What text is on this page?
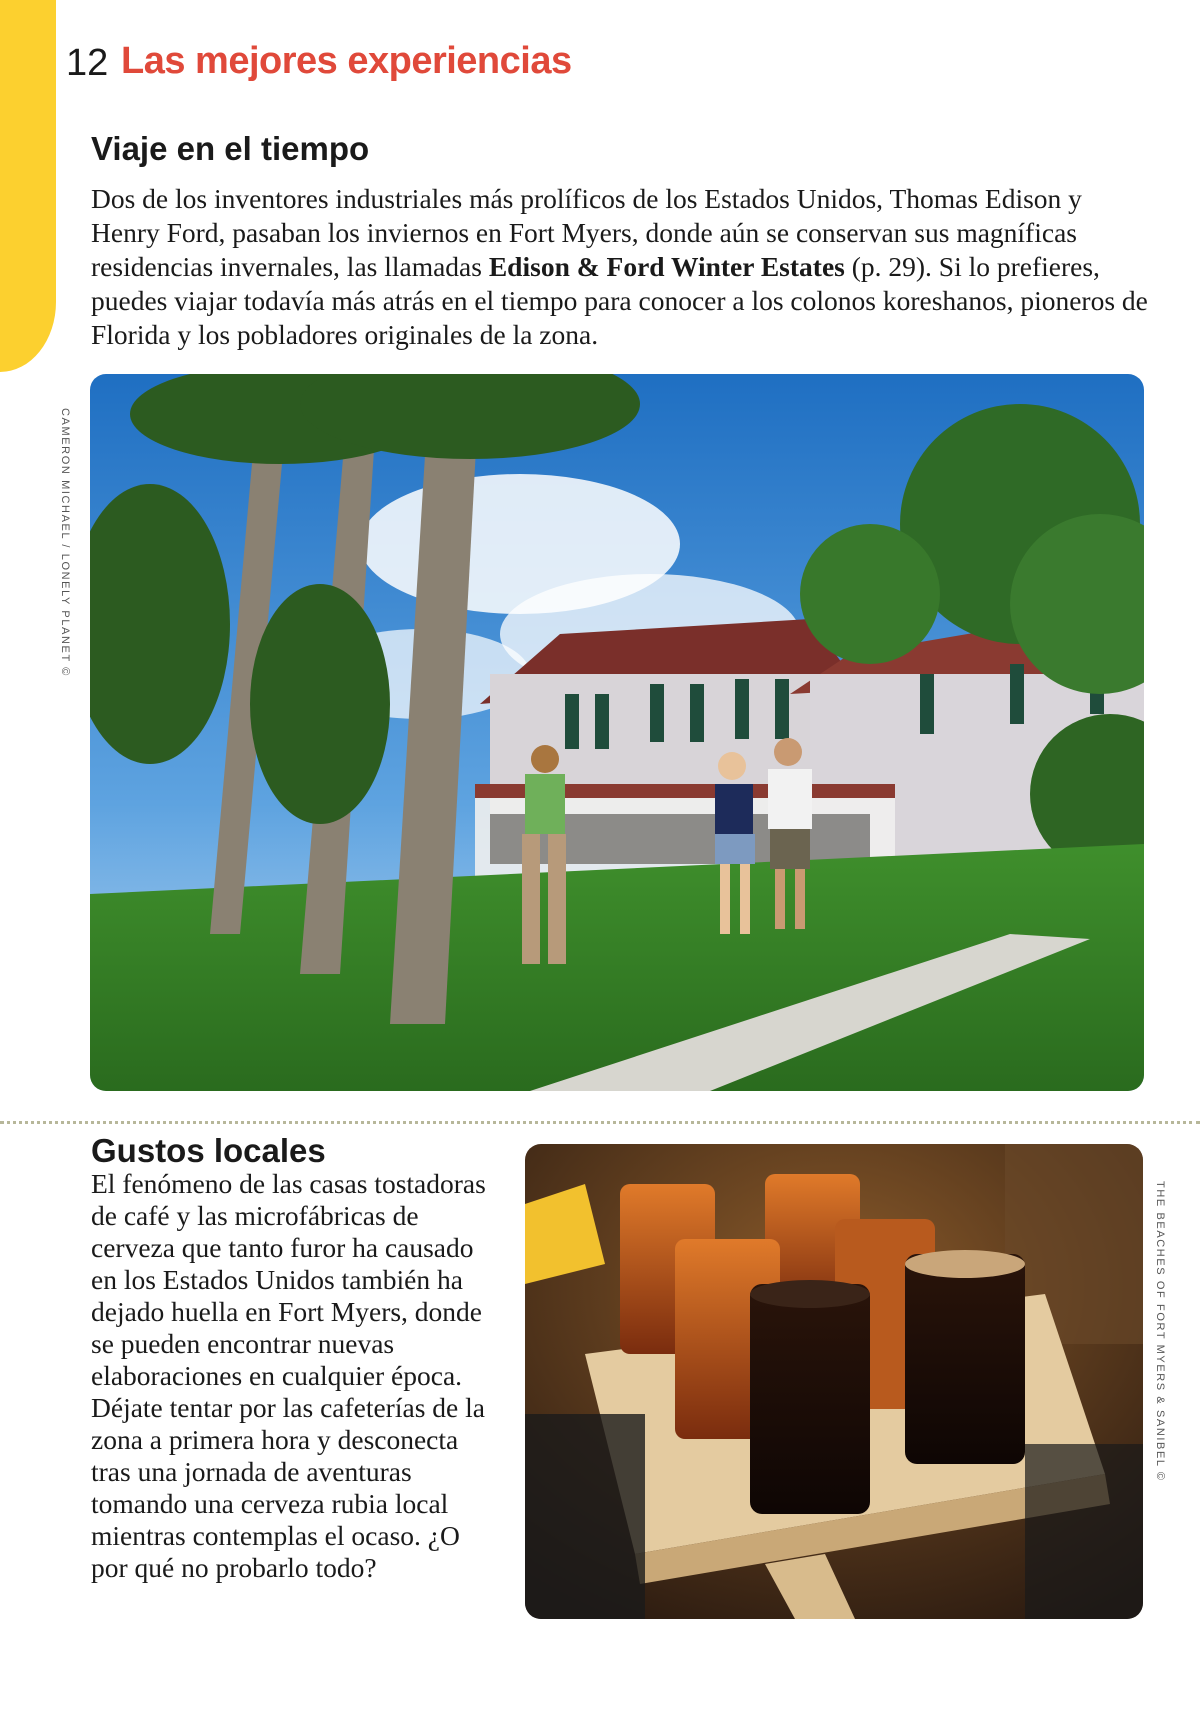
12 Las mejores experiencias
Viaje en el tiempo

Dos de los inventores industriales más prolíficos de los Estados Unidos, Thomas Edison y Henry Ford, pasaban los inviernos en Fort Myers, donde aún se conservan sus magníficas residencias invernales, las llamadas Edison & Ford Winter Estates (p. 29). Si lo prefieres, puedes viajar todavía más atrás en el tiempo para conocer a los colonos koreshanos, pioneros de Florida y los pobladores originales de la zona.

CAMERON MICHAEL / LONELY PLANET ©
Gustos locales

El fenómeno de las casas tostadoras de café y las microfábricas de cerveza que tanto furor ha causado en los Estados Unidos también ha dejado huella en Fort Myers, donde se pueden encontrar nuevas elaboraciones en cualquier época. Déjate tentar por las cafeterías de la zona a primera hora y desconecta tras una jornada de aventuras tomando una cerveza rubia local mientras contemplas el ocaso. ¿O por qué no probarlo todo?

THE BEACHES OF FORT MYERS & SANIBEL ©
